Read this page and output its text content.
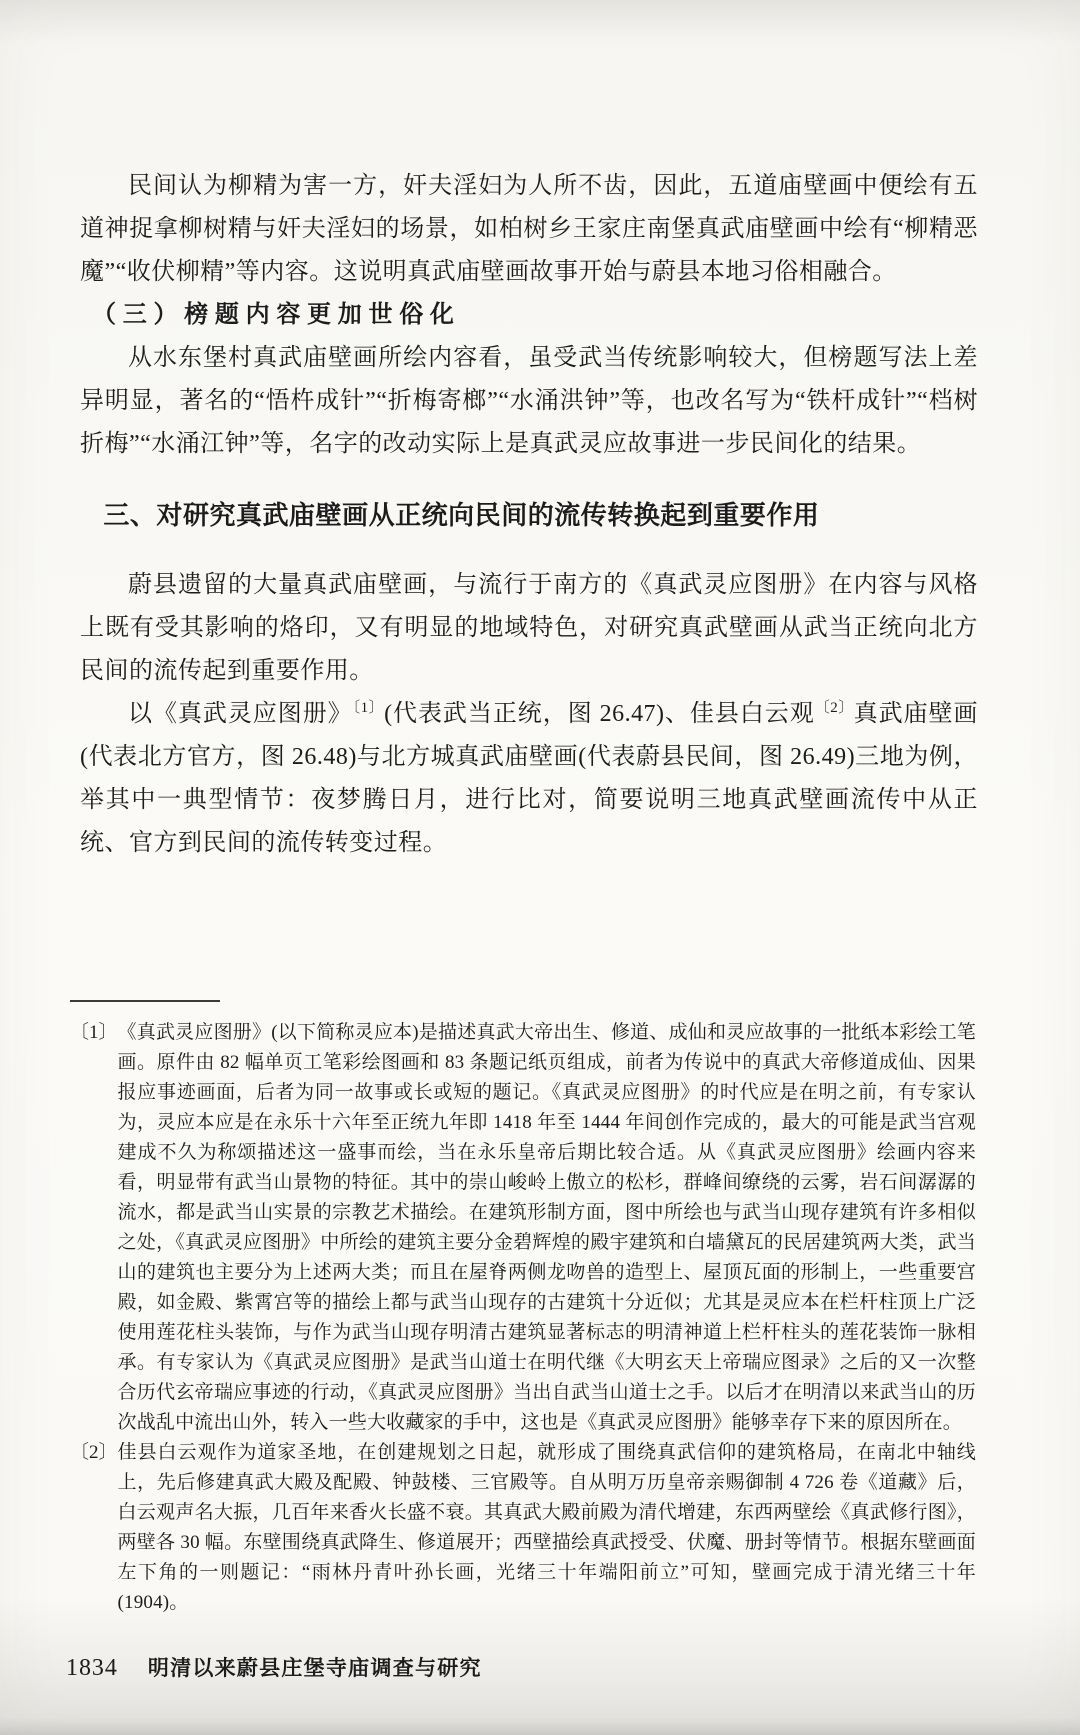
民间认为柳精为害一方，奸夫淫妇为人所不齿，因此，五道庙壁画中便绘有五道神捉拿柳树精与奸夫淫妇的场景，如柏树乡王家庄南堡真武庙壁画中绘有“柳精恶魔”“收伏柳精”等内容。这说明真武庙壁画故事开始与蔚县本地习俗相融合。

（三）榜题内容更加世俗化

从水东堡村真武庙壁画所绘内容看，虽受武当传统影响较大，但榜题写法上差异明显，著名的“悟杵成针”“折梅寄榔”“水涌洪钟”等，也改名写为“铁杆成针”“档树折梅”“水涌江钟”等，名字的改动实际上是真武灵应故事进一步民间化的结果。

三、对研究真武庙壁画从正统向民间的流传转换起到重要作用

蔚县遗留的大量真武庙壁画，与流行于南方的《真武灵应图册》在内容与风格上既有受其影响的烙印，又有明显的地域特色，对研究真武壁画从武当正统向北方民间的流传起到重要作用。

以《真武灵应图册》$^{〔1〕}$(代表武当正统，图 26.47)、佳县白云观$^{〔2〕}$真武庙壁画(代表北方官方，图 26.48)与北方城真武庙壁画(代表蔚县民间，图 26.49)三地为例，举其中一典型情节：夜梦腾日月，进行比对，简要说明三地真武壁画流传中从正统、官方到民间的流传转变过程。

〔1〕 《真武灵应图册》(以下简称灵应本)是描述真武大帝出生、修道、成仙和灵应故事的一批纸本彩绘工笔画。原件由 82 幅单页工笔彩绘图画和 83 条题记纸页组成，前者为传说中的真武大帝修道成仙、因果报应事迹画面，后者为同一故事或长或短的题记。《真武灵应图册》的时代应是在明之前，有专家认为，灵应本应是在永乐十六年至正统九年即 1418 年至 1444 年间创作完成的，最大的可能是武当宫观建成不久为称颂描述这一盛事而绘，当在永乐皇帝后期比较合适。从《真武灵应图册》绘画内容来看，明显带有武当山景物的特征。其中的崇山峻岭上傲立的松杉，群峰间缭绕的云雾，岩石间潺潺的流水，都是武当山实景的宗教艺术描绘。在建筑形制方面，图中所绘也与武当山现存建筑有许多相似之处，《真武灵应图册》中所绘的建筑主要分金碧辉煌的殿宇建筑和白墙黛瓦的民居建筑两大类，武当山的建筑也主要分为上述两大类；而且在屋脊两侧龙吻兽的造型上、屋顶瓦面的形制上，一些重要宫殿，如金殿、紫霄宫等的描绘上都与武当山现存的古建筑十分近似；尤其是灵应本在栏杆柱顶上广泛使用莲花柱头装饰，与作为武当山现存明清古建筑显著标志的明清神道上栏杆柱头的莲花装饰一脉相承。有专家认为《真武灵应图册》是武当山道士在明代继《大明玄天上帝瑞应图录》之后的又一次整合历代玄帝瑞应事迹的行动，《真武灵应图册》当出自武当山道士之手。以后才在明清以来武当山的历次战乱中流出山外，转入一些大收藏家的手中，这也是《真武灵应图册》能够幸存下来的原因所在。
〔2〕 佳县白云观作为道家圣地，在创建规划之日起，就形成了围绕真武信仰的建筑格局，在南北中轴线上，先后修建真武大殿及配殿、钟鼓楼、三官殿等。自从明万历皇帝亲赐御制 4 726 卷《道藏》后，白云观声名大振，几百年来香火长盛不衰。其真武大殿前殿为清代增建，东西两壁绘《真武修行图》，两壁各 30 幅。东壁围绕真武降生、修道展开；西壁描绘真武授受、伏魔、册封等情节。根据东壁画面左下角的一则题记：“雨林丹青叶孙长画，光绪三十年端阳前立”可知，壁画完成于清光绪三十年(1904)。
1834 明清以来蔚县庄堡寺庙调查与研究
